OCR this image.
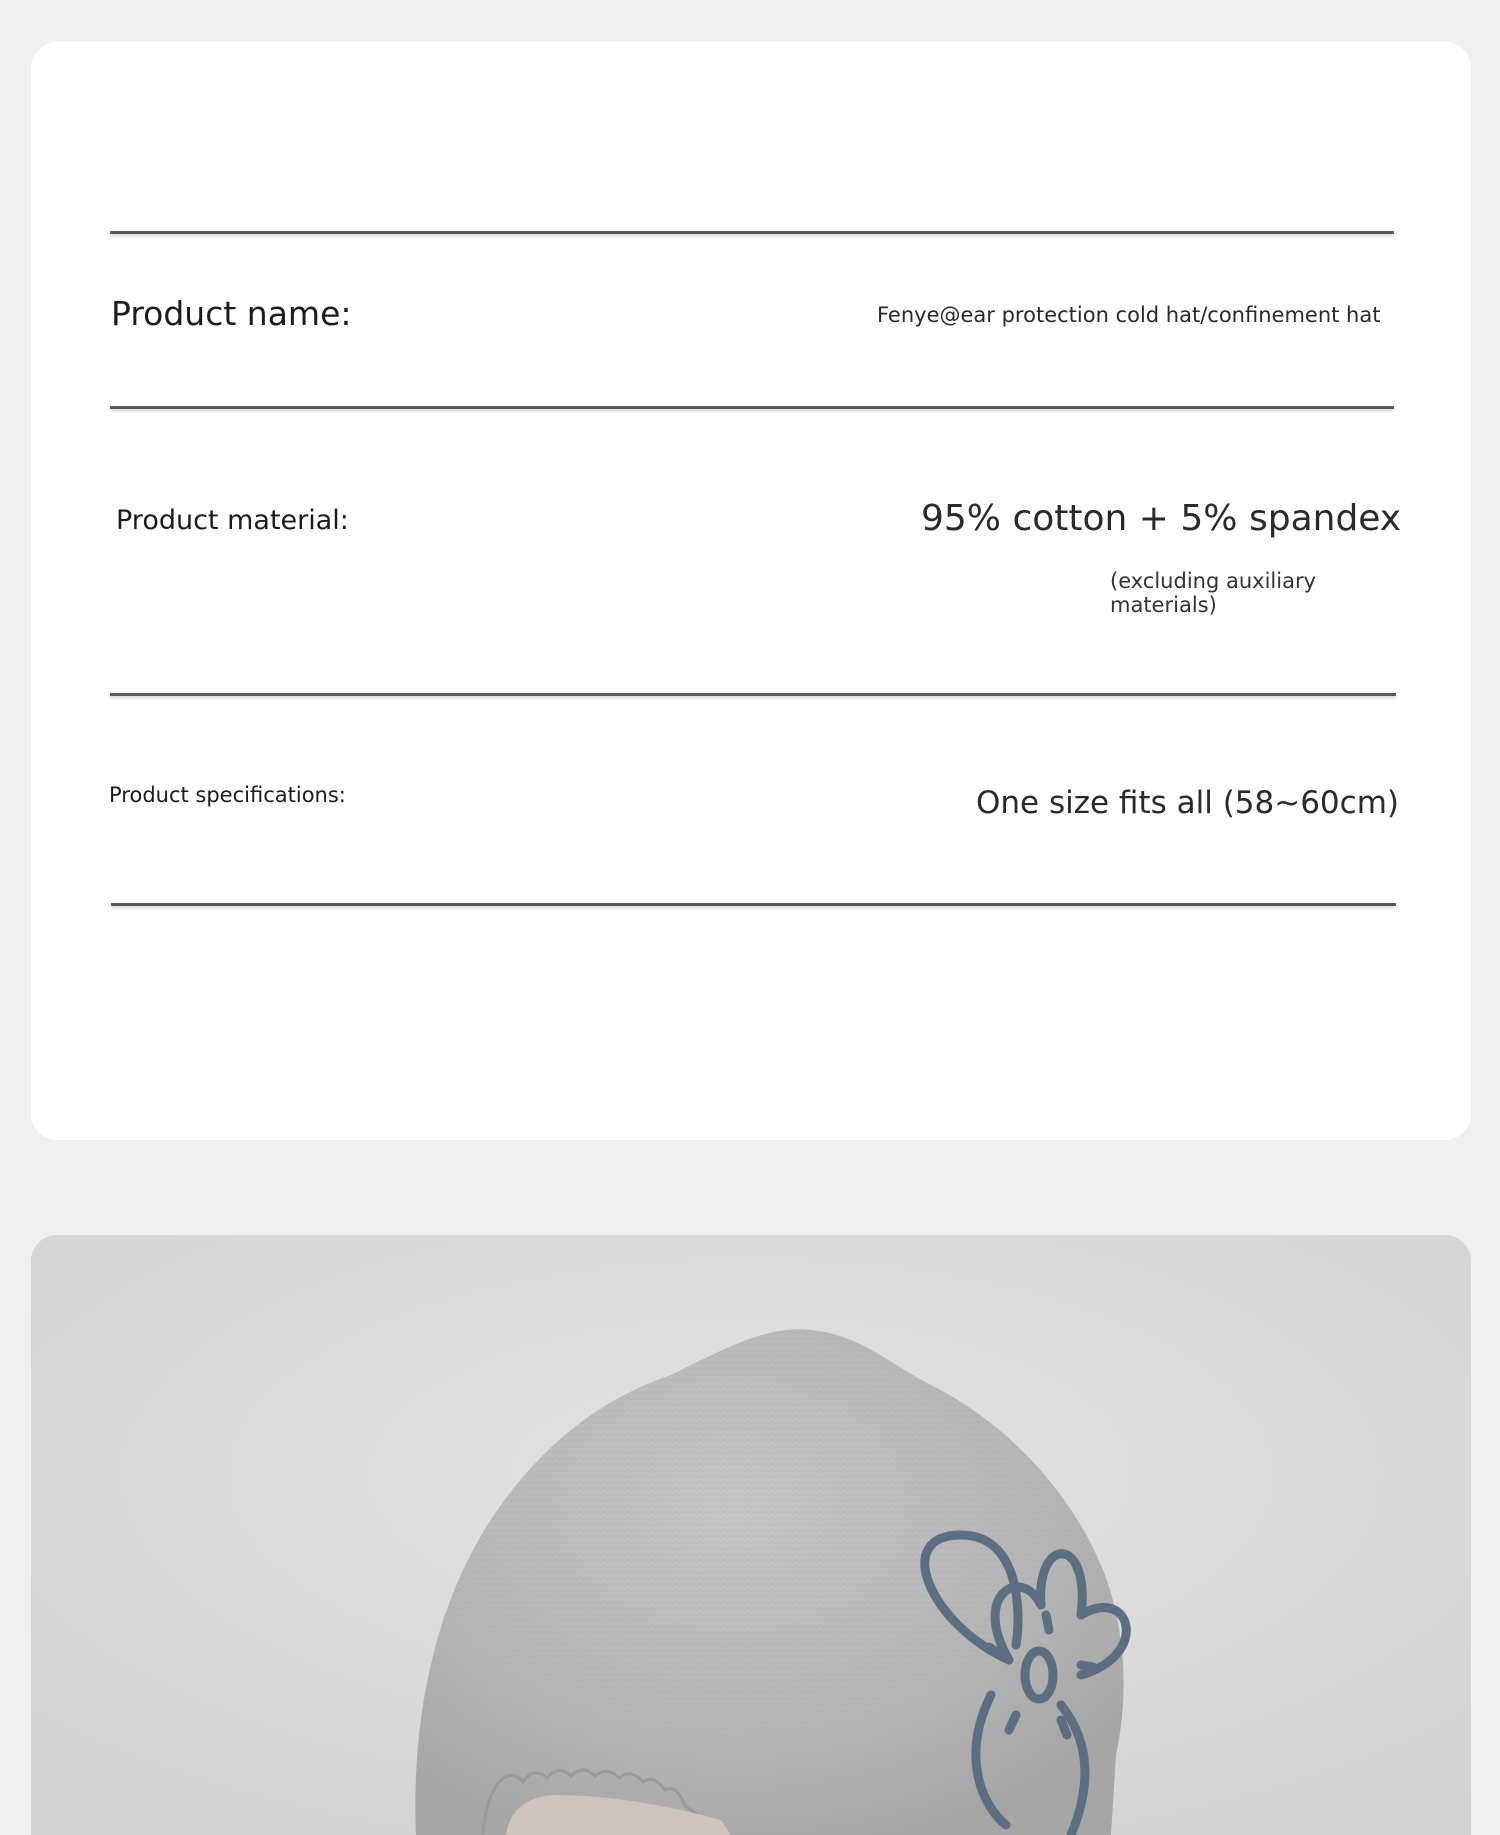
Product name:	Fenye@ear protection cold hat/confinement hat
Product material:	95% cotton + 5% spandex
(excluding auxiliary
materials)
Product specifications:	One size fits all (58~60cm)
